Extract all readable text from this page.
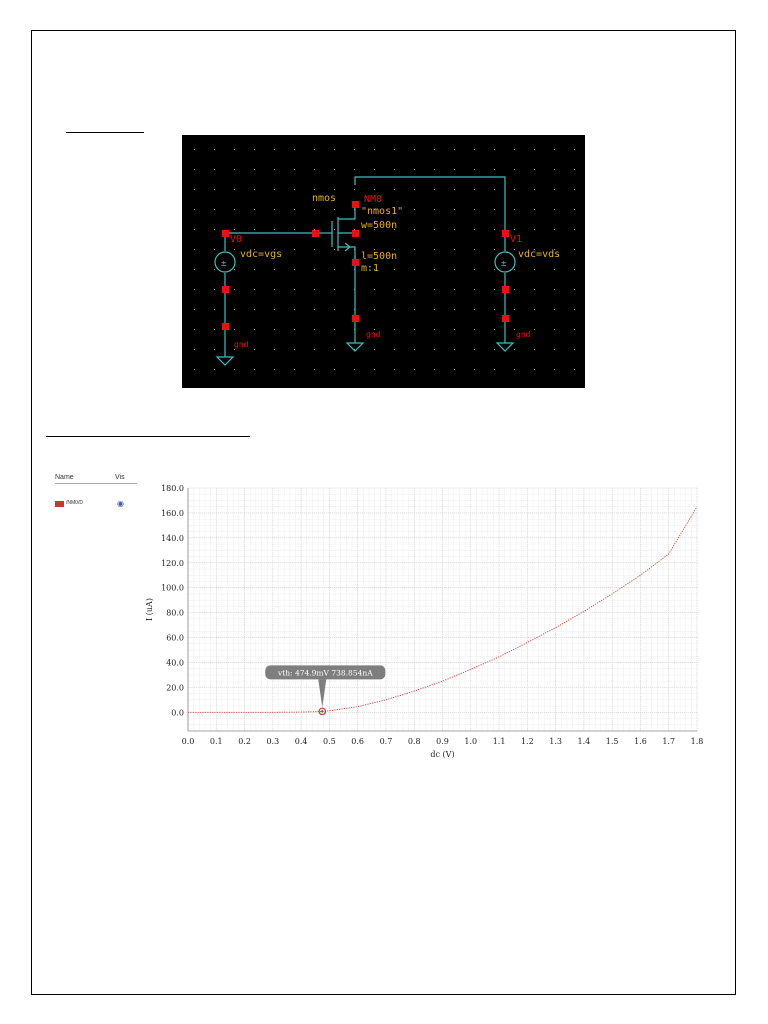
±	±
nmos	NM0
"nmos1"
w=500n
l=500n
m:1
V0
vdc=vgs
V1
vdc=vds
gnd
gnd	gnd
Name	Vis
/NM0/D	◉
0.0 0.1 0.2 0.3 0.4 0.5 0.6 0.7 0.8 0.9 1.0 1.1 1.2 1.3 1.4 1.5 1.6 1.7 1.8
0.0
20.0
40.0
60.0
80.0
100.0
120.0
140.0
160.0
180.0
dc (V)
I (uA)
vth: 474.9mV 738.854nA
